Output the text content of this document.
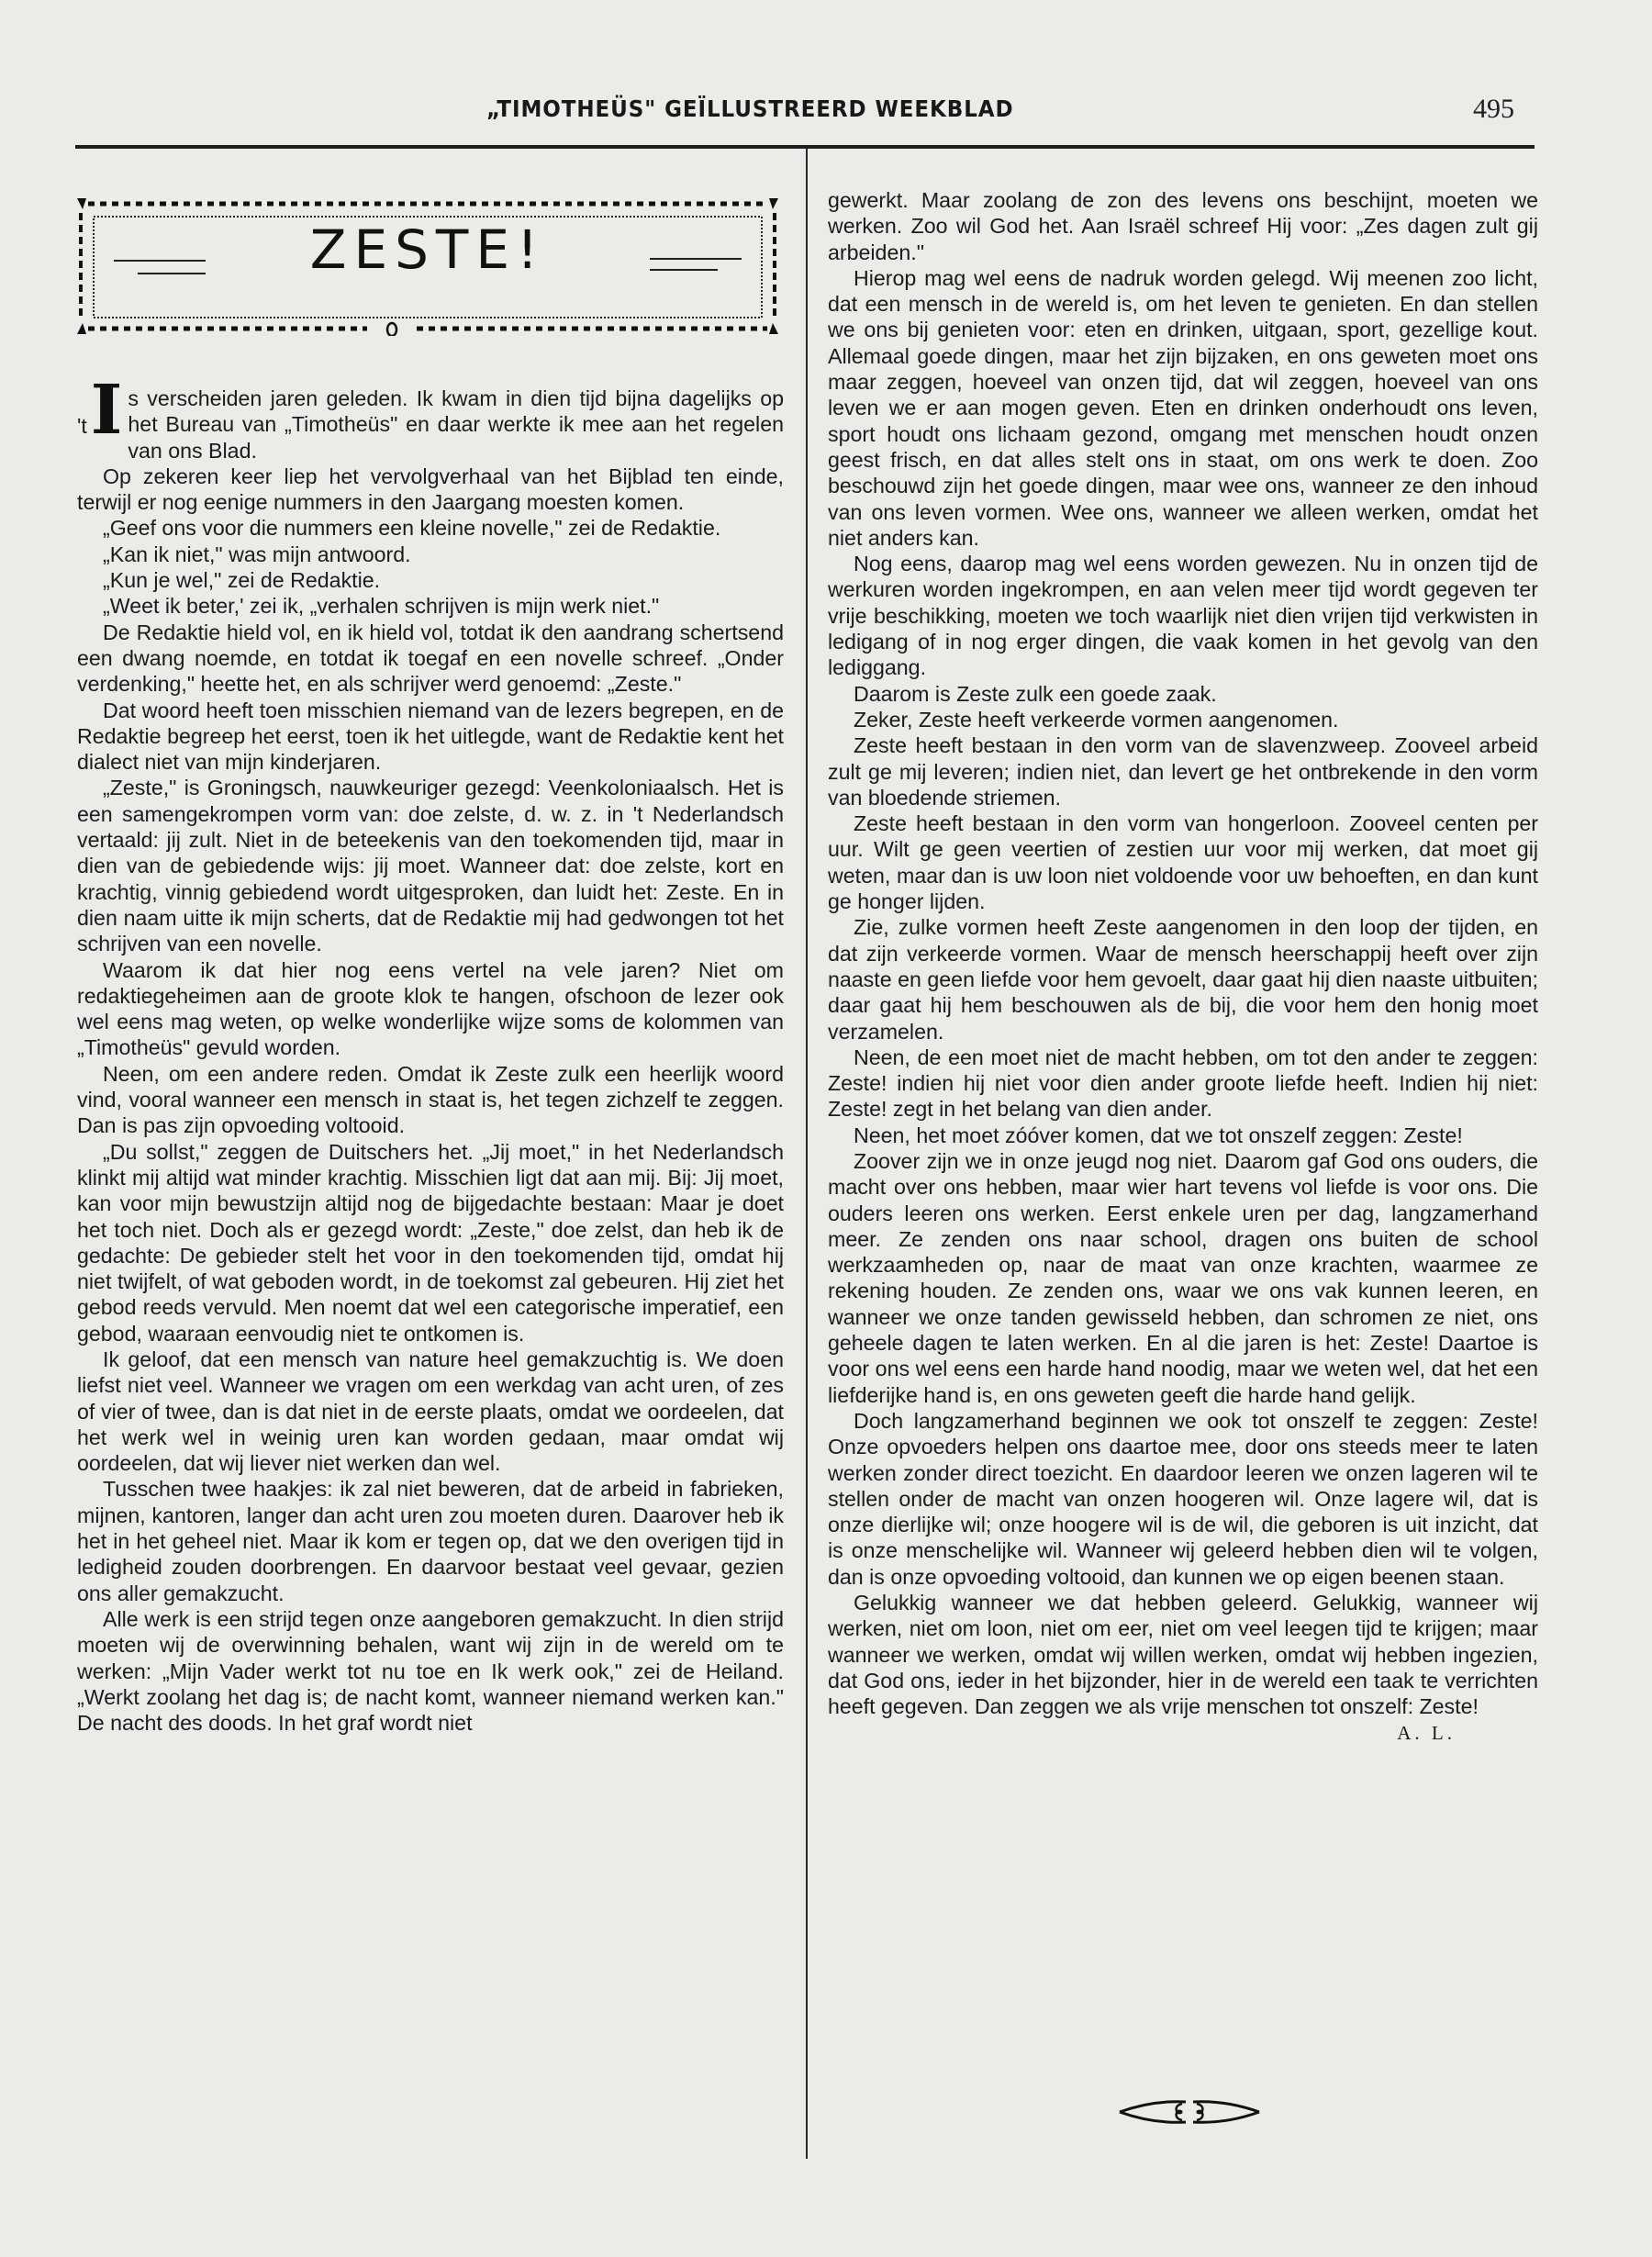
„TIMOTHEÜS" GEÏLLUSTREERD WEEKBLAD	495
ZESTE!

't I s verscheiden jaren geleden. Ik kwam in dien tijd bijna dagelijks op het Bureau van „Timotheüs" en daar werkte ik mee aan het regelen van ons Blad.

Op zekeren keer liep het vervolgverhaal van het Bijblad ten einde, terwijl er nog eenige nummers in den Jaargang moesten komen.

„Geef ons voor die nummers een kleine novelle," zei de Redaktie.

„Kan ik niet," was mijn antwoord.

„Kun je wel," zei de Redaktie.

„Weet ik beter,' zei ik, „verhalen schrijven is mijn werk niet."

De Redaktie hield vol, en ik hield vol, totdat ik den aandrang schertsend een dwang noemde, en totdat ik toegaf en een novelle schreef. „Onder verdenking," heette het, en als schrijver werd genoemd: „Zeste."

Dat woord heeft toen misschien niemand van de lezers begrepen, en de Redaktie begreep het eerst, toen ik het uitlegde, want de Redaktie kent het dialect niet van mijn kinderjaren.

„Zeste," is Groningsch, nauwkeuriger gezegd: Veenkoloniaalsch. Het is een samengekrompen vorm van: doe zelste, d. w. z. in 't Nederlandsch vertaald: jij zult. Niet in de beteekenis van den toekomenden tijd, maar in dien van de gebiedende wijs: jij moet. Wanneer dat: doe zelste, kort en krachtig, vinnig gebiedend wordt uitgesproken, dan luidt het: Zeste. En in dien naam uitte ik mijn scherts, dat de Redaktie mij had gedwongen tot het schrijven van een novelle.

Waarom ik dat hier nog eens vertel na vele jaren? Niet om redaktiegeheimen aan de groote klok te hangen, ofschoon de lezer ook wel eens mag weten, op welke wonderlijke wijze soms de kolommen van „Timotheüs" gevuld worden.

Neen, om een andere reden. Omdat ik Zeste zulk een heerlijk woord vind, vooral wanneer een mensch in staat is, het tegen zichzelf te zeggen. Dan is pas zijn opvoeding voltooid.

„Du sollst," zeggen de Duitschers het. „Jij moet," in het Nederlandsch klinkt mij altijd wat minder krachtig. Misschien ligt dat aan mij. Bij: Jij moet, kan voor mijn bewustzijn altijd nog de bijgedachte bestaan: Maar je doet het toch niet. Doch als er gezegd wordt: „Zeste," doe zelst, dan heb ik de gedachte: De gebieder stelt het voor in den toekomenden tijd, omdat hij niet twijfelt, of wat geboden wordt, in de toekomst zal gebeuren. Hij ziet het gebod reeds vervuld. Men noemt dat wel een categorische imperatief, een gebod, waaraan eenvoudig niet te ontkomen is.

Ik geloof, dat een mensch van nature heel gemakzuchtig is. We doen liefst niet veel. Wanneer we vragen om een werkdag van acht uren, of zes of vier of twee, dan is dat niet in de eerste plaats, omdat we oordeelen, dat het werk wel in weinig uren kan worden gedaan, maar omdat wij oordeelen, dat wij liever niet werken dan wel.

Tusschen twee haakjes: ik zal niet beweren, dat de arbeid in fabrieken, mijnen, kantoren, langer dan acht uren zou moeten duren. Daarover heb ik het in het geheel niet. Maar ik kom er tegen op, dat we den overigen tijd in ledigheid zouden doorbrengen. En daarvoor bestaat veel gevaar, gezien ons aller gemakzucht.

Alle werk is een strijd tegen onze aangeboren gemakzucht. In dien strijd moeten wij de overwinning behalen, want wij zijn in de wereld om te werken: „Mijn Vader werkt tot nu toe en Ik werk ook," zei de Heiland. „Werkt zoolang het dag is; de nacht komt, wanneer niemand werken kan." De nacht des doods. In het graf wordt niet

gewerkt. Maar zoolang de zon des levens ons beschijnt, moeten we werken. Zoo wil God het. Aan Israël schreef Hij voor: „Zes dagen zult gij arbeiden."

Hierop mag wel eens de nadruk worden gelegd. Wij meenen zoo licht, dat een mensch in de wereld is, om het leven te genieten. En dan stellen we ons bij genieten voor: eten en drinken, uitgaan, sport, gezellige kout. Allemaal goede dingen, maar het zijn bijzaken, en ons geweten moet ons maar zeggen, hoeveel van onzen tijd, dat wil zeggen, hoeveel van ons leven we er aan mogen geven. Eten en drinken onderhoudt ons leven, sport houdt ons lichaam gezond, omgang met menschen houdt onzen geest frisch, en dat alles stelt ons in staat, om ons werk te doen. Zoo beschouwd zijn het goede dingen, maar wee ons, wanneer ze den inhoud van ons leven vormen. Wee ons, wanneer we alleen werken, omdat het niet anders kan.

Nog eens, daarop mag wel eens worden gewezen. Nu in onzen tijd de werkuren worden ingekrompen, en aan velen meer tijd wordt gegeven ter vrije beschikking, moeten we toch waarlijk niet dien vrijen tijd verkwisten in ledigang of in nog erger dingen, die vaak komen in het gevolg van den lediggang.

Daarom is Zeste zulk een goede zaak.

Zeker, Zeste heeft verkeerde vormen aangenomen.

Zeste heeft bestaan in den vorm van de slavenzweep. Zooveel arbeid zult ge mij leveren; indien niet, dan levert ge het ontbrekende in den vorm van bloedende striemen.

Zeste heeft bestaan in den vorm van hongerloon. Zooveel centen per uur. Wilt ge geen veertien of zestien uur voor mij werken, dat moet gij weten, maar dan is uw loon niet voldoende voor uw behoeften, en dan kunt ge honger lijden.

Zie, zulke vormen heeft Zeste aangenomen in den loop der tijden, en dat zijn verkeerde vormen. Waar de mensch heerschappij heeft over zijn naaste en geen liefde voor hem gevoelt, daar gaat hij dien naaste uitbuiten; daar gaat hij hem beschouwen als de bij, die voor hem den honig moet verzamelen.

Neen, de een moet niet de macht hebben, om tot den ander te zeggen: Zeste! indien hij niet voor dien ander groote liefde heeft. Indien hij niet: Zeste! zegt in het belang van dien ander.

Neen, het moet zóóver komen, dat we tot onszelf zeggen: Zeste!

Zoover zijn we in onze jeugd nog niet. Daarom gaf God ons ouders, die macht over ons hebben, maar wier hart tevens vol liefde is voor ons. Die ouders leeren ons werken. Eerst enkele uren per dag, langzamerhand meer. Ze zenden ons naar school, dragen ons buiten de school werkzaamheden op, naar de maat van onze krachten, waarmee ze rekening houden. Ze zenden ons, waar we ons vak kunnen leeren, en wanneer we onze tanden gewisseld hebben, dan schromen ze niet, ons geheele dagen te laten werken. En al die jaren is het: Zeste! Daartoe is voor ons wel eens een harde hand noodig, maar we weten wel, dat het een liefderijke hand is, en ons geweten geeft die harde hand gelijk.

Doch langzamerhand beginnen we ook tot onszelf te zeggen: Zeste! Onze opvoeders helpen ons daartoe mee, door ons steeds meer te laten werken zonder direct toezicht. En daardoor leeren we onzen lageren wil te stellen onder de macht van onzen hoogeren wil. Onze lagere wil, dat is onze dierlijke wil; onze hoogere wil is de wil, die geboren is uit inzicht, dat is onze menschelijke wil. Wanneer wij geleerd hebben dien wil te volgen, dan is onze opvoeding voltooid, dan kunnen we op eigen beenen staan.

Gelukkig wanneer we dat hebben geleerd. Gelukkig, wanneer wij werken, niet om loon, niet om eer, niet om veel leegen tijd te krijgen; maar wanneer we werken, omdat wij willen werken, omdat wij hebben ingezien, dat God ons, ieder in het bijzonder, hier in de wereld een taak te verrichten heeft gegeven. Dan zeggen we als vrije menschen tot onszelf: Zeste!
A. L.
